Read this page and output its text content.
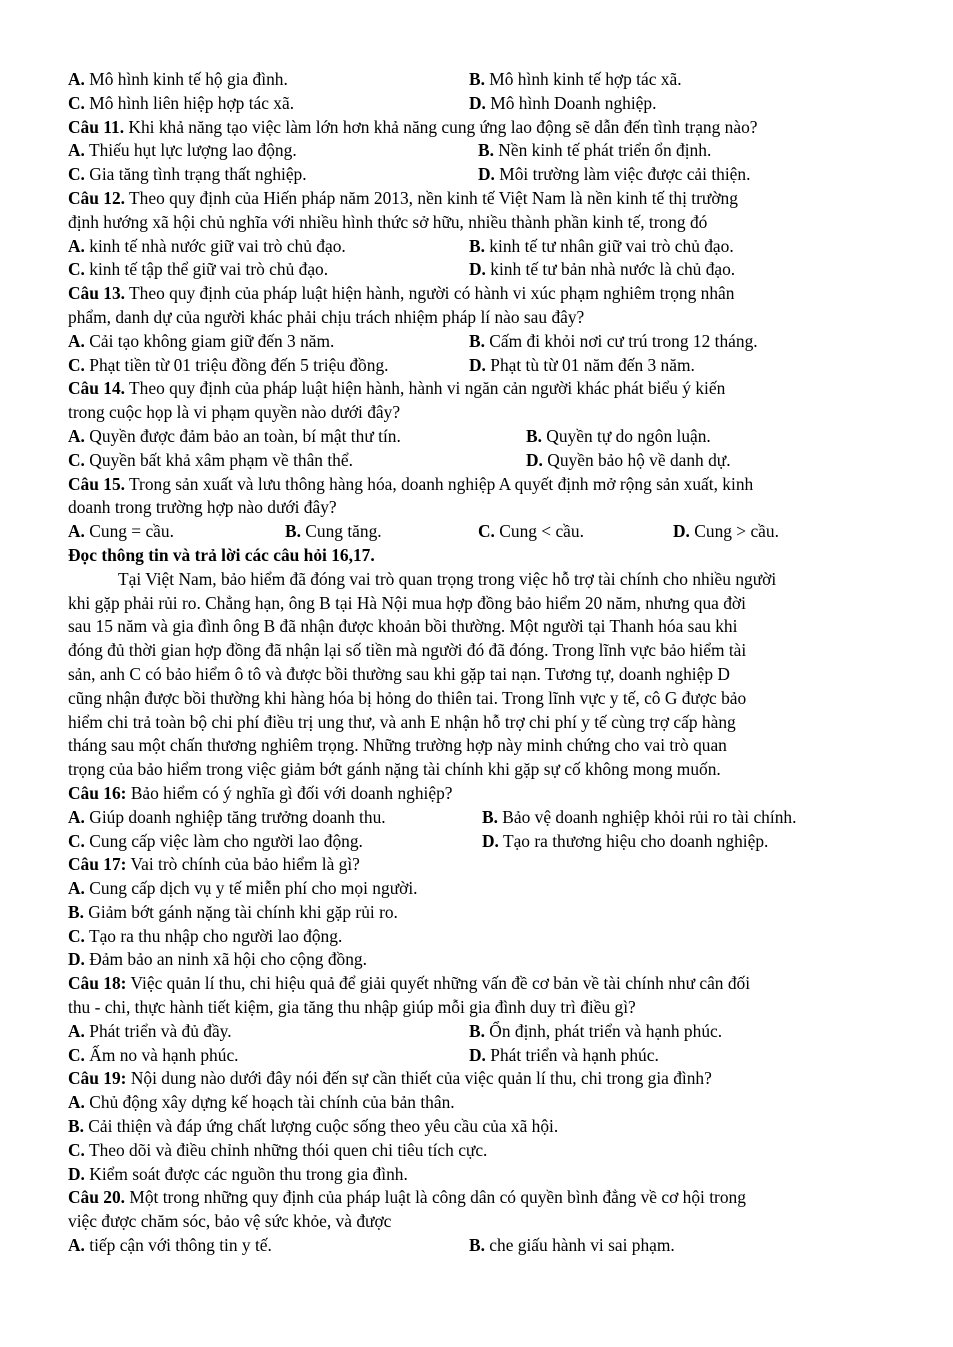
A. Mô hình kinh tế hộ gia đình.	B. Mô hình kinh tế hợp tác xã.
C. Mô hình liên hiệp hợp tác xã.	D. Mô hình Doanh nghiệp.
Câu 11. Khi khả năng tạo việc làm lớn hơn khả năng cung ứng lao động sẽ dẫn đến tình trạng nào?
A. Thiếu hụt lực lượng lao động.	B. Nền kinh tế phát triển ổn định.
C. Gia tăng tình trạng thất nghiệp.	D. Môi trường làm việc được cải thiện.
Câu 12. Theo quy định của Hiến pháp năm 2013, nền kinh tế Việt Nam là nền kinh tế thị trường
định hướng xã hội chủ nghĩa với nhiều hình thức sở hữu, nhiều thành phần kinh tế, trong đó
A. kinh tế nhà nước giữ vai trò chủ đạo.	B. kinh tế tư nhân giữ vai trò chủ đạo.
C. kinh tế tập thể giữ vai trò chủ đạo.	D. kinh tế tư bản nhà nước là chủ đạo.
Câu 13. Theo quy định của pháp luật hiện hành, người có hành vi xúc phạm nghiêm trọng nhân
phẩm, danh dự của người khác phải chịu trách nhiệm pháp lí nào sau đây?
A. Cải tạo không giam giữ đến 3 năm.	B. Cấm đi khỏi nơi cư trú trong 12 tháng.
C. Phạt tiền từ 01 triệu đồng đến 5 triệu đồng.	D. Phạt tù từ 01 năm đến 3 năm.
Câu 14. Theo quy định của pháp luật hiện hành, hành vi ngăn cản người khác phát biểu ý kiến
trong cuộc họp là vi phạm quyền nào dưới đây?
A. Quyền được đảm bảo an toàn, bí mật thư tín.	B. Quyền tự do ngôn luận.
C. Quyền bất khả xâm phạm về thân thể.	D. Quyền bảo hộ về danh dự.
Câu 15. Trong sản xuất và lưu thông hàng hóa, doanh nghiệp A quyết định mở rộng sản xuất, kinh
doanh trong trường hợp nào dưới đây?
A. Cung = cầu.	B. Cung tăng.	C. Cung < cầu.	D. Cung > cầu.
Đọc thông tin và trả lời các câu hỏi 16,17.
Tại Việt Nam, bảo hiểm đã đóng vai trò quan trọng trong việc hỗ trợ tài chính cho nhiều người
khi gặp phải rủi ro. Chẳng hạn, ông B tại Hà Nội mua hợp đồng bảo hiểm 20 năm, nhưng qua đời
sau 15 năm và gia đình ông B đã nhận được khoản bồi thường. Một người tại Thanh hóa sau khi
đóng đủ thời gian hợp đồng đã nhận lại số tiền mà người đó đã đóng. Trong lĩnh vực bảo hiểm tài
sản, anh C có bảo hiểm ô tô và được bồi thường sau khi gặp tai nạn. Tương tự, doanh nghiệp D
cũng nhận được bồi thường khi hàng hóa bị hỏng do thiên tai. Trong lĩnh vực y tế, cô G được bảo
hiểm chi trả toàn bộ chi phí điều trị ung thư, và anh E nhận hỗ trợ chi phí y tế cùng trợ cấp hàng
tháng sau một chấn thương nghiêm trọng. Những trường hợp này minh chứng cho vai trò quan
trọng của bảo hiểm trong việc giảm bớt gánh nặng tài chính khi gặp sự cố không mong muốn.
Câu 16: Bảo hiểm có ý nghĩa gì đối với doanh nghiệp?
A. Giúp doanh nghiệp tăng trưởng doanh thu.	B. Bảo vệ doanh nghiệp khỏi rủi ro tài chính.
C. Cung cấp việc làm cho người lao động.	D. Tạo ra thương hiệu cho doanh nghiệp.
Câu 17: Vai trò chính của bảo hiểm là gì?
A. Cung cấp dịch vụ y tế miễn phí cho mọi người.
B. Giảm bớt gánh nặng tài chính khi gặp rủi ro.
C. Tạo ra thu nhập cho người lao động.
D. Đảm bảo an ninh xã hội cho cộng đồng.
Câu 18: Việc quản lí thu, chi hiệu quả để giải quyết những vấn đề cơ bản về tài chính như cân đối
thu - chi, thực hành tiết kiệm, gia tăng thu nhập giúp mỗi gia đình duy trì điều gì?
A. Phát triển và đủ đầy.	B. Ổn định, phát triển và hạnh phúc.
C. Ấm no và hạnh phúc.	D. Phát triển và hạnh phúc.
Câu 19: Nội dung nào dưới đây nói đến sự cần thiết của việc quản lí thu, chi trong gia đình?
A. Chủ động xây dựng kế hoạch tài chính của bản thân.
B. Cải thiện và đáp ứng chất lượng cuộc sống theo yêu cầu của xã hội.
C. Theo dõi và điều chỉnh những thói quen chi tiêu tích cực.
D. Kiểm soát được các nguồn thu trong gia đình.
Câu 20. Một trong những quy định của pháp luật là công dân có quyền bình đẳng về cơ hội trong
việc được chăm sóc, bảo vệ sức khỏe, và được
A. tiếp cận với thông tin y tế.	B. che giấu hành vi sai phạm.
